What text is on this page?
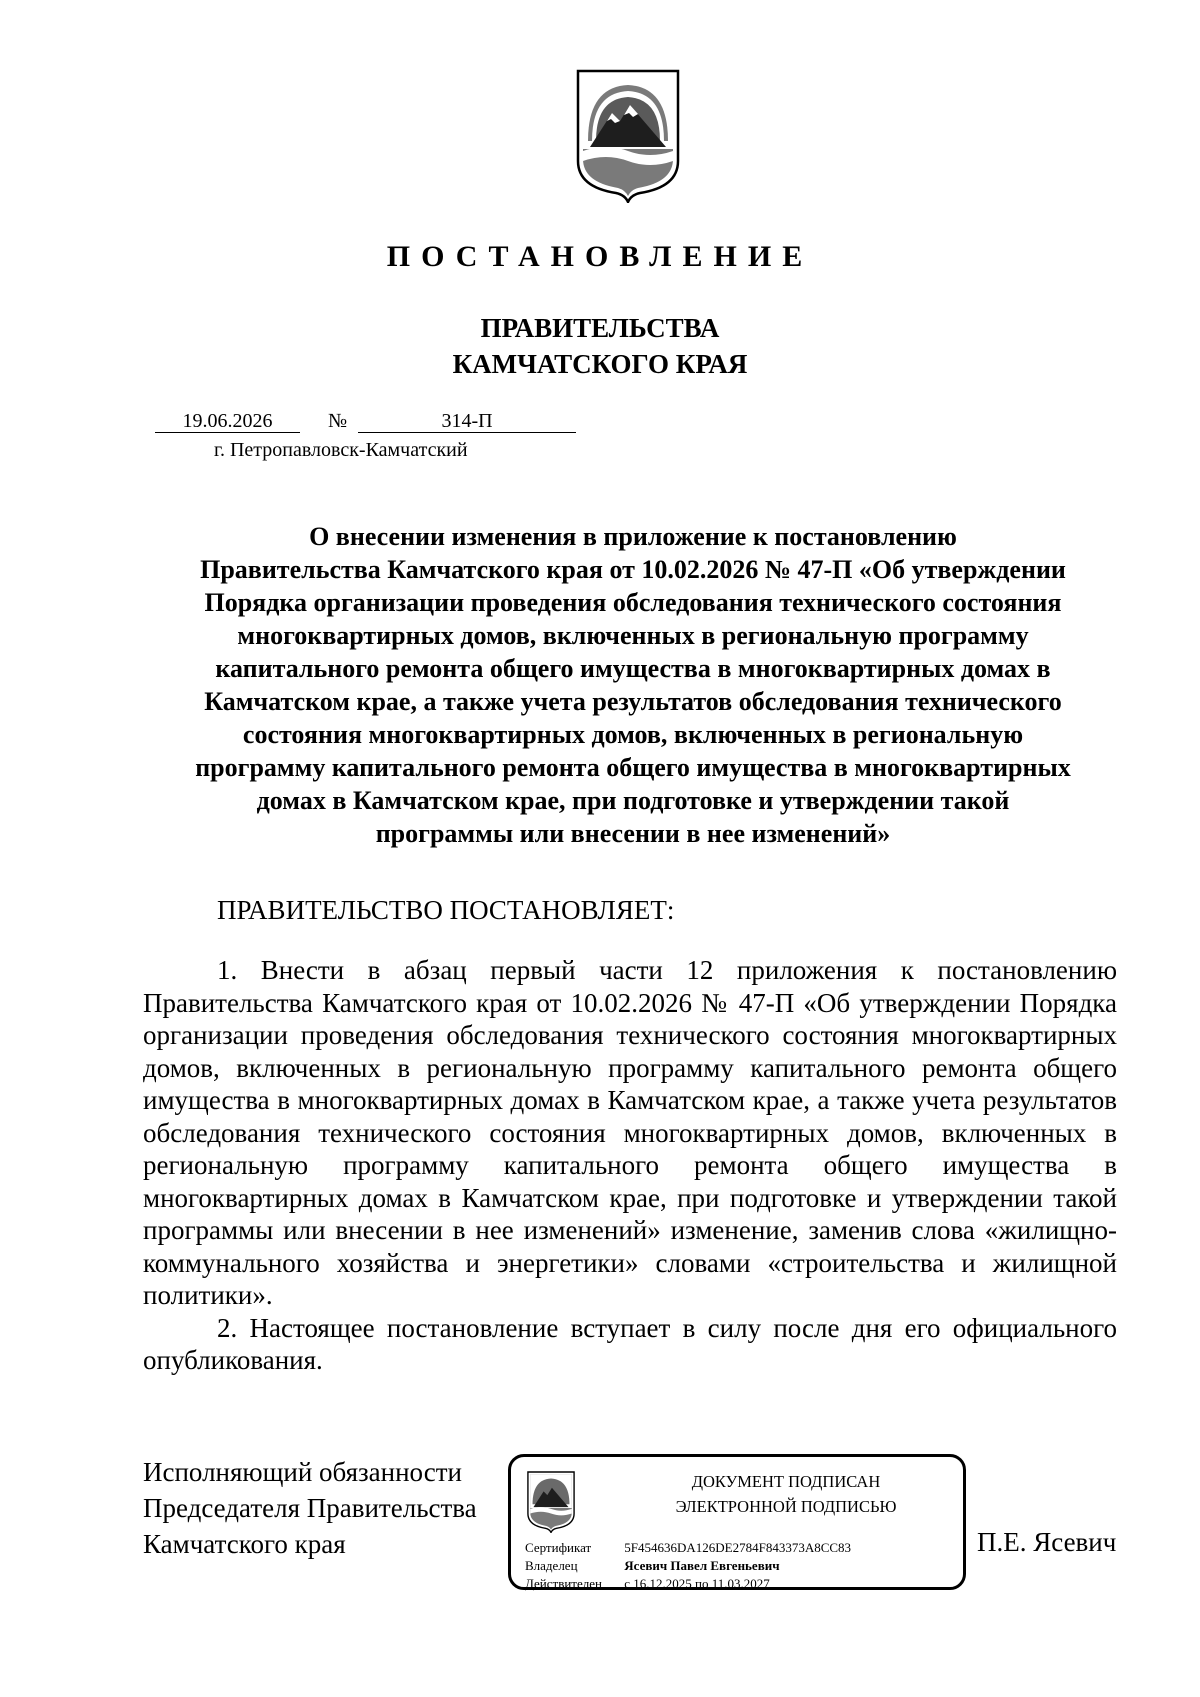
ПОСТАНОВЛЕНИЕ
ПРАВИТЕЛЬСТВА
КАМЧАТСКОГО КРАЯ
19.06.2026	№	314-П
г. Петропавловск-Камчатский
О внесении изменения в приложение к постановлению
Правительства Камчатского края от 10.02.2026 № 47-П «Об утверждении
Порядка организации проведения обследования технического состояния
многоквартирных домов, включенных в региональную программу
капитального ремонта общего имущества в многоквартирных домах в
Камчатском крае, а также учета результатов обследования технического
состояния многоквартирных домов, включенных в региональную
программу капитального ремонта общего имущества в многоквартирных
домах в Камчатском крае, при подготовке и утверждении такой
программы или внесении в нее изменений»
ПРАВИТЕЛЬСТВО ПОСТАНОВЛЯЕТ:

1. Внести в абзац первый части 12 приложения к постановлению Правительства Камчатского края от 10.02.2026 № 47-П «Об утверждении Порядка организации проведения обследования технического состояния многоквартирных домов, включенных в региональную программу капитального ремонта общего имущества в многоквартирных домах в Камчатском крае, а также учета результатов обследования технического состояния многоквартирных домов, включенных в региональную программу капитального ремонта общего имущества в многоквартирных домах в Камчатском крае, при подготовке и утверждении такой программы или внесении в нее изменений» изменение, заменив слова «жилищно-коммунального хозяйства и энергетики» словами «строительства и жилищной политики».

2. Настоящее постановление вступает в силу после дня его официального опубликования.

Исполняющий обязанности
Председателя Правительства
Камчатского края
ДОКУМЕНТ ПОДПИСАН
ЭЛЕКТРОННОЙ ПОДПИСЬЮ
Сертификат	5F454636DA126DE2784F843373A8CC83
Владелец	Ясевич Павел Евгеньевич
Действителен с 16.12.2025 по 11.03.2027
П.Е. Ясевич
